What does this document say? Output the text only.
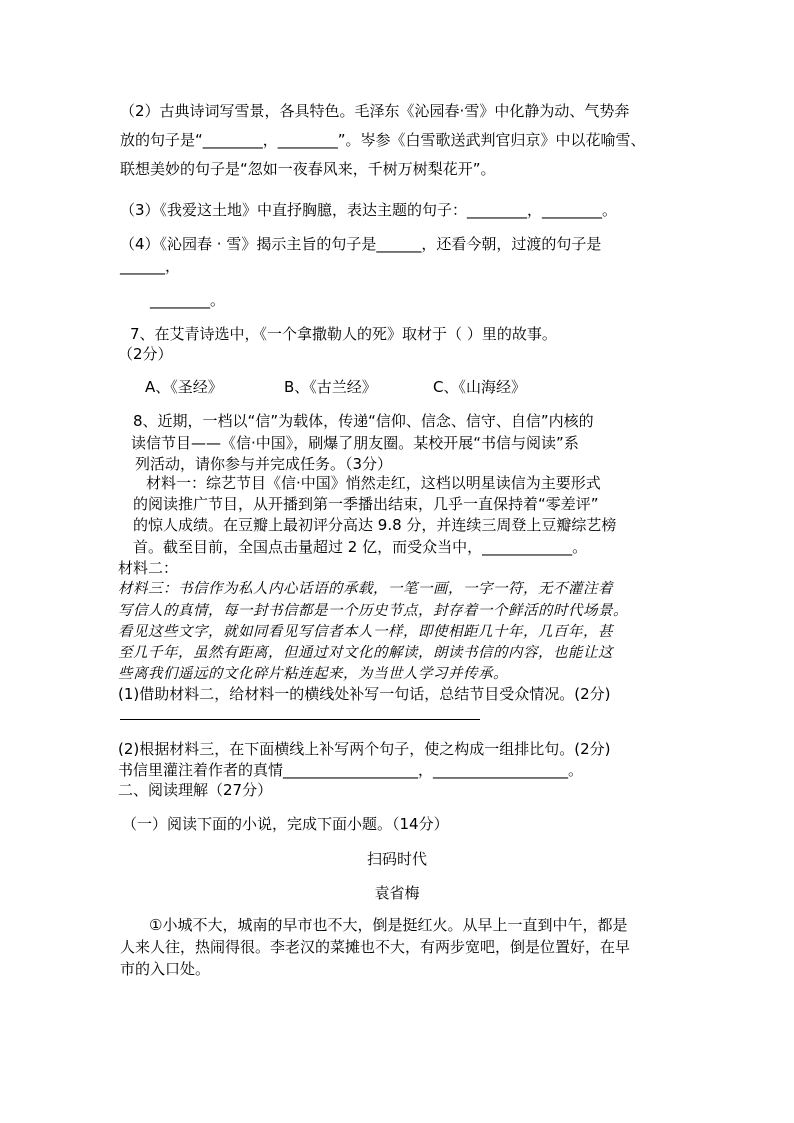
（2）古典诗词写雪景，各具特色。毛泽东《沁园春·雪》中化静为动、气势奔
放的句子是“________，________”。岑参《白雪歌送武判官归京》中以花喻雪、
联想美妙的句子是“忽如一夜春风来，千树万树梨花开”。
（3）《我爱这土地》中直抒胸臆，表达主题的句子：________，________。
（4）《沁园春 · 雪》揭示主旨的句子是______，还看今朝，过渡的句子是
______，
________。
7、在艾青诗选中，《一个拿撒勒人的死》取材于（ ）里的故事。
（2分）
A、《圣经》	B、《古兰经》	C、《山海经》
8、近期，一档以“信”为载体，传递“信仰、信念、信守、自信”内核的
读信节目——《信·中国》，刷爆了朋友圈。某校开展“书信与阅读”系
列活动，请你参与并完成任务。（3分）
材料一：综艺节目《信·中国》悄然走红，这档以明星读信为主要形式
的阅读推广节目，从开播到第一季播出结束，几乎一直保持着“零差评”
的惊人成绩。在豆瓣上最初评分高达 9.8 分，并连续三周登上豆瓣综艺榜
首。截至目前，全国点击量超过 2 亿，而受众当中，____________。
材料二：
材料三：书信作为私人内心话语的承载，一笔一画，一字一符，无不灌注着
写信人的真情，每一封书信都是一个历史节点，封存着一个鲜活的时代场景。
看见这些文字，就如同看见写信者本人一样，即使相距几十年，几百年，甚
至几千年，虽然有距离，但通过对文化的解读，朗读书信的内容，也能让这
些离我们遥远的文化碎片粘连起来，为当世人学习并传承。
(1)借助材料二，给材料一的横线处补写一句话，总结节目受众情况。(2分)
(2)根据材料三，在下面横线上补写两个句子，使之构成一组排比句。(2分)
书信里灌注着作者的真情__________________，__________________。
二、阅读理解（27分）
（一）阅读下面的小说，完成下面小题。（14分）
扫码时代
袁省梅
①小城不大，城南的早市也不大，倒是挺红火。从早上一直到中午，都是
人来人往，热闹得很。李老汉的菜摊也不大，有两步宽吧，倒是位置好，在早
市的入口处。
